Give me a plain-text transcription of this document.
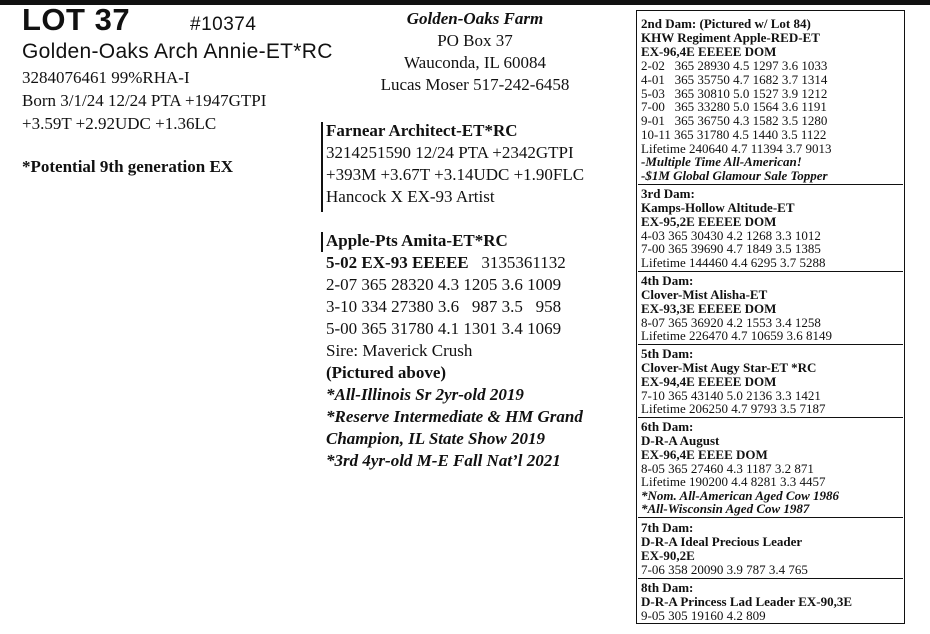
LOT 37	#10374
Golden-Oaks Arch Annie-ET*RC
3284076461 99%RHA-I
Born 3/1/24 12/24 PTA +1947GTPI
+3.59T +2.92UDC +1.36LC
*Potential 9th generation EX
Golden-Oaks Farm
PO Box 37
Wauconda, IL 60084
Lucas Moser 517-242-6458
Farnear Architect-ET*RC
3214251590 12/24 PTA +2342GTPI
+393M +3.67T +3.14UDC +1.90FLC
Hancock X EX-93 Artist
Apple-Pts Amita-ET*RC
5-02 EX-93 EEEEE 3135361132
2-07 365 28320 4.3 1205 3.6 1009
3-10 334 27380 3.6   987 3.5   958
5-00 365 31780 4.1 1301 3.4 1069
Sire: Maverick Crush
(Pictured above)
*All-Illinois Sr 2yr-old 2019
*Reserve Intermediate & HM Grand
Champion, IL State Show 2019
*3rd 4yr-old M-E Fall Nat’l 2021
2nd Dam: (Pictured w/ Lot 84)
KHW Regiment Apple-RED-ET
EX-96,4E EEEEE DOM
2-02   365 28930 4.5 1297 3.6 1033
4-01   365 35750 4.7 1682 3.7 1314
5-03   365 30810 5.0 1527 3.9 1212
7-00   365 33280 5.0 1564 3.6 1191
9-01   365 36750 4.3 1582 3.5 1280
10-11 365 31780 4.5 1440 3.5 1122
Lifetime 240640 4.7 11394 3.7 9013
-Multiple Time All-American!
-$1M Global Glamour Sale Topper
3rd Dam:
Kamps-Hollow Altitude-ET
EX-95,2E EEEEE DOM
4-03 365 30430 4.2 1268 3.3 1012
7-00 365 39690 4.7 1849 3.5 1385
Lifetime 144460 4.4 6295 3.7 5288
4th Dam:
Clover-Mist Alisha-ET
EX-93,3E EEEEE DOM
8-07 365 36920 4.2 1553 3.4 1258
Lifetime 226470 4.7 10659 3.6 8149
5th Dam:
Clover-Mist Augy Star-ET *RC
EX-94,4E EEEEE DOM
7-10 365 43140 5.0 2136 3.3 1421
Lifetime 206250 4.7 9793 3.5 7187
6th Dam:
D-R-A August
EX-96,4E EEEE DOM
8-05 365 27460 4.3 1187 3.2 871
Lifetime 190200 4.4 8281 3.3 4457
*Nom. All-American Aged Cow 1986
*All-Wisconsin Aged Cow 1987
7th Dam:
D-R-A Ideal Precious Leader
EX-90,2E
7-06 358 20090 3.9 787 3.4 765
8th Dam:
D-R-A Princess Lad Leader EX-90,3E
9-05 305 19160 4.2 809
